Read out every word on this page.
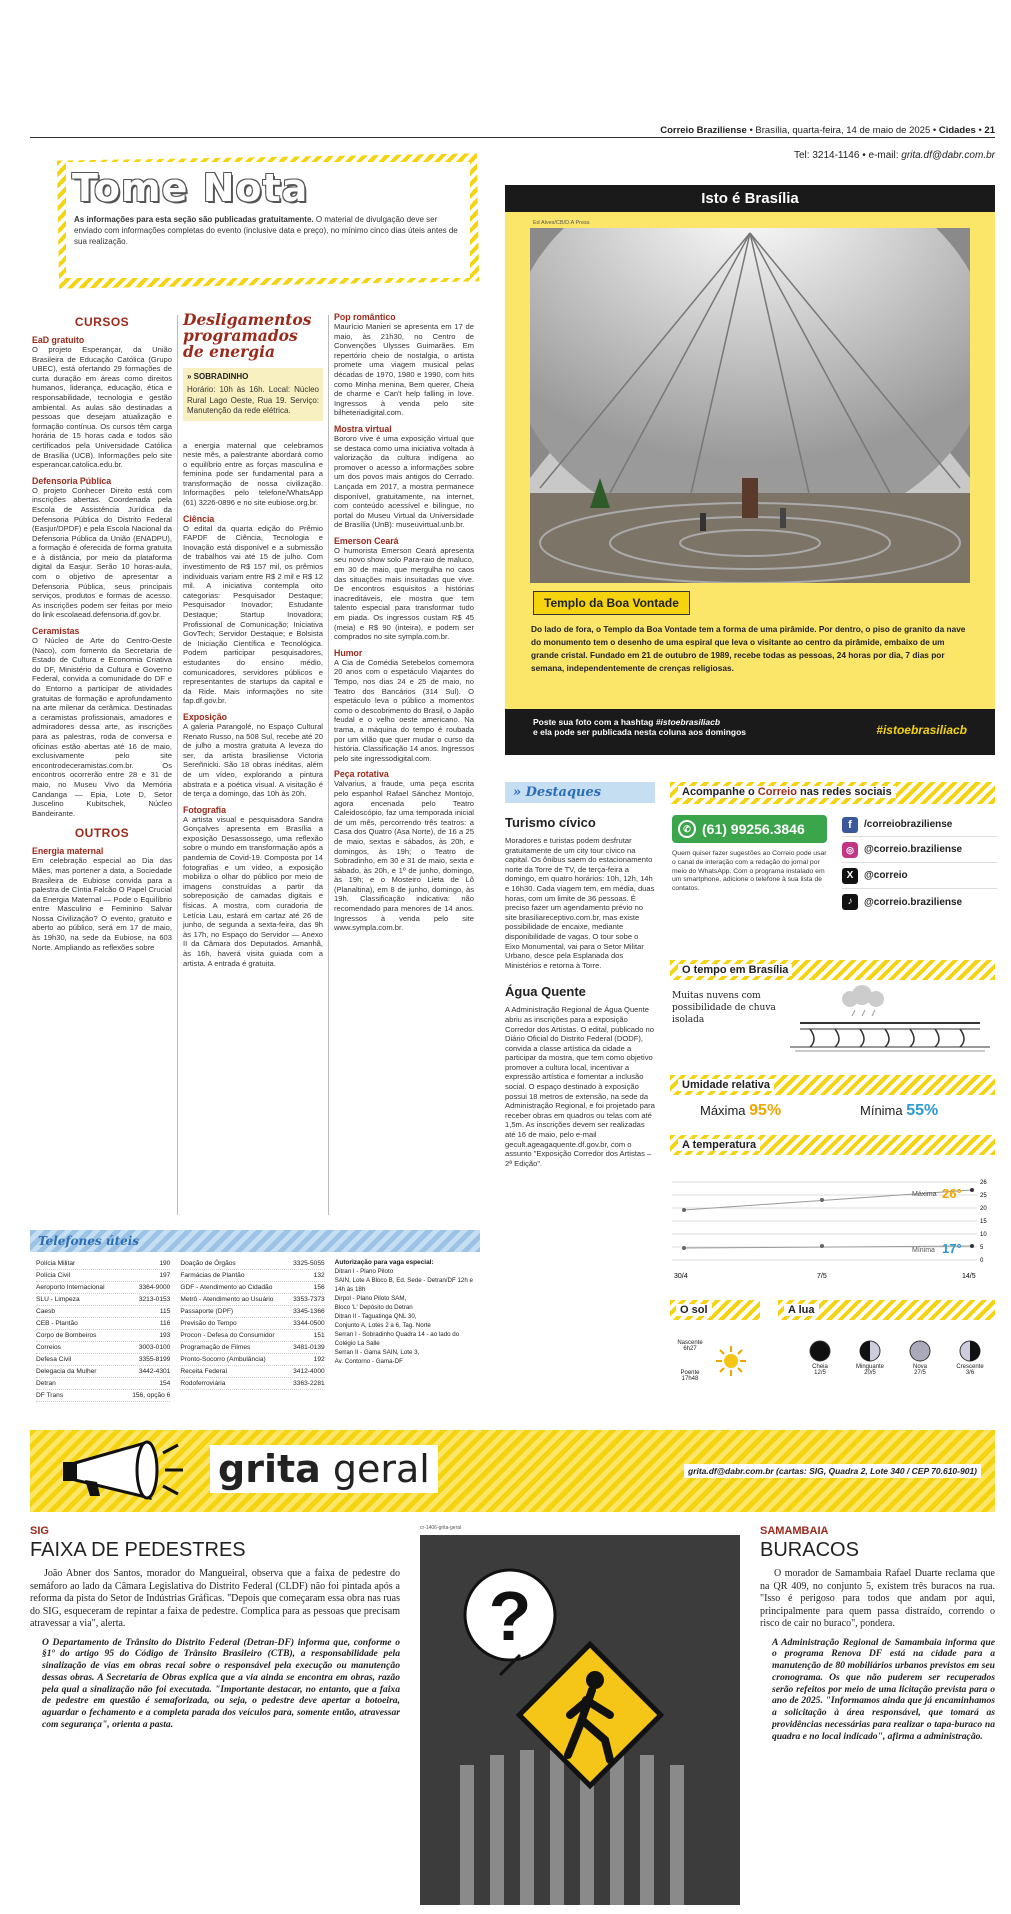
Correio Braziliense • Brasília, quarta-feira, 14 de maio de 2025 • Cidades • 21
Tel: 3214-1146 • e-mail: grita.df@dabr.com.br
Tome Nota
As informações para esta seção são publicadas gratuitamente. O material de divulgação deve ser enviado com informações completas do evento (inclusive data e preço), no mínimo cinco dias úteis antes de sua realização.
CURSOS
EaD gratuito

O projeto Esperançar, da União Brasileira de Educação Católica (Grupo UBEC), está ofertando 29 formações de curta duração em áreas como direitos humanos, liderança, educação, ética e responsabilidade, tecnologia e gestão ambiental. As aulas são destinadas a pessoas que desejam atualização e formação contínua. Os cursos têm carga horária de 15 horas cada e todos são certificados pela Universidade Católica de Brasília (UCB). Informações pelo site esperancar.catolica.edu.br.

Defensoria Pública

O projeto Conhecer Direito está com inscrições abertas. Coordenada pela Escola de Assistência Jurídica da Defensoria Pública do Distrito Federal (Easjur/DPDF) e pela Escola Nacional da Defensoria Pública da União (ENADPU), a formação é oferecida de forma gratuita e à distância, por meio da plataforma digital da Easjur. Serão 10 horas-aula, com o objetivo de apresentar a Defensoria Pública, seus principais serviços, produtos e formas de acesso. As inscrições podem ser feitas por meio do link escolaead.defensoria.df.gov.br.

Ceramistas

O Núcleo de Arte do Centro-Oeste (Naco), com fomento da Secretaria de Estado de Cultura e Economia Criativa do DF, Ministério da Cultura e Governo Federal, convida a comunidade do DF e do Entorno a participar de atividades gratuitas de formação e aprofundamento na arte milenar da cerâmica. Destinadas a ceramistas profissionais, amadores e admiradores dessa arte, as inscrições para as palestras, roda de conversa e oficinas estão abertas até 16 de maio, exclusivamente pelo site encontrodeceramistas.com.br. Os encontros ocorrerão entre 28 e 31 de maio, no Museu Vivo da Memória Candanga — Epia, Lote D, Setor Juscelino Kubitschek, Núcleo Bandeirante.

OUTROS
Energia maternal

Em celebração especial ao Dia das Mães, mas portener a data, a Sociedade Brasileira de Eubiose convida para a palestra de Cíntia Falcão O Papel Crucial da Energia Maternal — Pode o Equilíbrio entre Masculino e Feminino Salvar Nossa Civilização? O evento, gratuito e aberto ao público, será em 17 de maio, às 19h30, na sede da Eubiose, na 603 Norte. Ampliando as reflexões sobre

Desligamentos programados de energia
» SOBRADINHO

Horário: 10h às 16h. Local: Núcleo Rural Lago Oeste, Rua 19. Serviço: Manutenção da rede elétrica.

a energia maternal que celebramos neste mês, a palestrante abordará como o equilíbrio entre as forças masculina e feminina pode ser fundamental para a transformação de nossa civilização. Informações pelo telefone/WhatsApp (61) 3226-0896 e no site eubiose.org.br.

Ciência

O edital da quarta edição do Prêmio FAPDF de Ciência, Tecnologia e Inovação está disponível e a submissão de trabalhos vai até 15 de julho. Com investimento de R$ 157 mil, os prêmios individuais variam entre R$ 2 mil e R$ 12 mil. A iniciativa contempla oito categorias: Pesquisador Destaque; Pesquisador Inovador; Estudante Destaque; Startup Inovadora; Profissional de Comunicação; Iniciativa GovTech; Servidor Destaque; e Bolsista de Iniciação Científica e Tecnológica. Podem participar pesquisadores, estudantes do ensino médio, comunicadores, servidores públicos e representantes de startups da capital e da Ride. Mais informações no site fap.df.gov.br.

Exposição

A galeria Parangolé, no Espaço Cultural Renato Russo, na 508 Sul, recebe até 20 de julho a mostra gratuita A leveza do ser, da artista brasiliense Victoria Sereñnicki. São 18 obras inéditas, além de um vídeo, explorando a pintura abstrata e a poética visual. A visitação é de terça a domingo, das 10h às 20h.

Fotografia

A artista visual e pesquisadora Sandra Gonçalves apresenta em Brasília a exposição Desassossego, uma reflexão sobre o mundo em transformação após a pandemia de Covid-19. Composta por 14 fotografias e um vídeo, a exposição mobiliza o olhar do público por meio de imagens construídas a partir da sobreposição de camadas digitais e físicas. A mostra, com curadoria de Letícia Lau, estará em cartaz até 26 de junho, de segunda a sexta-feira, das 9h às 17h, no Espaço do Servidor — Anexo II da Câmara dos Deputados. Amanhã, às 16h, haverá visita guiada com a artista. A entrada é gratuita.

Pop romântico

Maurício Manieri se apresenta em 17 de maio, às 21h30, no Centro de Convenções Ulysses Guimarães. Em repertório cheio de nostalgia, o artista promete uma viagem musical pelas décadas de 1970, 1980 e 1990, com hits como Minha menina, Bem querer, Cheia de charme e Can't help falling in love. Ingressos à venda pelo site bilheteriadigital.com.

Mostra virtual

Bororo vive é uma exposição virtual que se destaca como uma iniciativa voltada à valorização da cultura indígena ao promover o acesso a informações sobre um dos povos mais antigos do Cerrado. Lançada em 2017, a mostra permanece disponível, gratuitamente, na internet, com conteúdo acessível e bilíngue, no portal do Museu Virtual da Universidade de Brasília (UnB): museuvirtual.unb.br.

Emerson Ceará

O humorista Emerson Ceará apresenta seu novo show solo Para-raio de maluco, em 30 de maio, que mergulha no caos das situações mais insuitadas que vive. De encontros esquisitos a histórias inacreditáveis, ele mostra que tem talento especial para transformar tudo em piada. Os ingressos custam R$ 45 (meia) e R$ 90 (inteira), e podem ser comprados no site sympla.com.br.

Humor

A Cia de Comédia Setebelos comemora 20 anos com o espetáculo Viajantes do Tempo, nos dias 24 e 25 de maio, no Teatro dos Bancários (314 Sul). O espetáculo leva o público a momentos como o descobrimento do Brasil, o Japão feudal e o velho oeste americano. Na trama, a máquina do tempo é roubada por um vilão que quer mudar o curso da história. Classificação 14 anos. Ingressos pelo site ingressodigital.com.

Peça rotativa

Valvarius, a fraude, uma peça escrita pelo espanhol Rafael Sánchez Montojo, agora encenada pelo Teatro Caleidoscópio, faz uma temporada inicial de um mês, percorrendo três teatros: a Casa dos Quatro (Asa Norte), de 16 a 25 de maio, sextas e sábados, às 20h, e domingos, às 19h; o Teatro de Sobradinho, em 30 e 31 de maio, sexta e sábado, às 20h, e 1º de junho, domingo, às 19h; e o Mosteiro Lieta de Lô (Planaltina), em 8 de junho, domingo, às 19h. Classificação indicativa: não recomendado para menores de 14 anos. Ingressos à venda pelo site www.sympla.com.br.

Telefones úteis
Polícia Militar	190
Polícia Civil	197
Aeroporto Internacional	3364-9000
SLU - Limpeza	3213-0153
Caesb	115
CEB - Plantão	116
Corpo de Bombeiros	193
Correios	3003-0100
Defesa Civil	3355-8199
Delegacia da Mulher	3442-4301
Detran	154
DF Trans	156, opção 6
Doação de Órgãos	3325-5055
Farmácias de Plantão	132
GDF - Atendimento ao Cidadão	156
Metrô - Atendimento ao Usuário	3353-7373
Passaporte (DPF)	3345-1366
Previsão do Tempo	3344-0500
Procon - Defesa do Consumidor	151
Programação de Filmes	3481-0139
Pronto-Socorro (Ambulância)	192
Receita Federal	3412-4000
Rodoferroviária	3363-2281
Autorização para vaga especial:
Ditran I - Plano Piloto
SAIN, Lote A Bloco B, Ed. Sede - Detran/DF 12h e 14h às 18h
Dirpol - Plano Piloto SAM,
Bloco 'L' Depósito do Detran
Ditran II - Taguatinga QNL 30,
Conjunto A, Lotes 2 a 6, Tag. Norte
Serran I - Sobradinho Quadra 14 - ao lado do Colégio La Salle
Serran II - Gama SAIN, Lote 3,
Av. Contorno - Gama-DF
Isto é Brasília
Ed Alves/CB/D.A Press
Templo da Boa Vontade

Do lado de fora, o Templo da Boa Vontade tem a forma de uma pirâmide. Por dentro, o piso de granito da nave do monumento tem o desenho de uma espiral que leva o visitante ao centro da pirâmide, embaixo de um grande cristal. Fundado em 21 de outubro de 1989, recebe todas as pessoas, 24 horas por dia, 7 dias por semana, independentemente de crenças religiosas.

Poste sua foto com a hashtag #istoebrasiliacb
e ela pode ser publicada nesta coluna aos domingos	#istoebrasiliacb
» Destaques
Turismo cívico

Moradores e turistas podem desfrutar gratuitamente de um city tour cívico na capital. Os ônibus saem do estacionamento norte da Torre de TV, de terça-feira a domingo, em quatro horários: 10h, 12h, 14h e 16h30. Cada viagem tem, em média, duas horas, com um limite de 36 pessoas. É preciso fazer um agendamento prévio no site brasiliareceptivo.com.br, mas existe possibilidade de encaixe, mediante disponibilidade de vagas. O tour sobe o Eixo Monumental, vai para o Setor Militar Urbano, desce pela Esplanada dos Ministérios e retorna à Torre.

Água Quente

A Administração Regional de Água Quente abriu as inscrições para a exposição Corredor dos Artistas. O edital, publicado no Diário Oficial do Distrito Federal (DODF), convida a classe artística da cidade a participar da mostra, que tem como objetivo promover a cultura local, incentivar a expressão artística e fomentar a inclusão social. O espaço destinado à exposição possui 18 metros de extensão, na sede da Administração Regional, e foi projetado para receber obras em quadros ou telas com até 1,5m. As inscrições devem ser realizadas até 16 de maio, pelo e-mail gecult.ageagaquente.df.gov.br, com o assunto "Exposição Corredor dos Artistas – 2ª Edição".

Acompanhe o Correio nas redes sociais
✆ (61) 99256.3846

Quem quiser fazer sugestões ao Correio pode usar o canal de interação com a redação do jornal por meio do WhatsApp. Com o programa instalado em um smartphone, adicione o telefone à sua lista de contatos.

f	/correiobraziliense
◎	@correio.braziliense
X	@correio
♪	@correio.braziliense
O tempo em Brasília
Muitas nuvens com possibilidade de chuva isolada
Umidade relativa
Máxima 95%	Mínima 55%
A temperatura
26
25
20
15
10
5
0
Máxima 26°
Mínima 17°
30/4	7/5	14/5
O sol
Nascente
6h27
Poente
17h48
A lua
Cheia
12/5
Minguante
20/5
Nova
27/5
Crescente
3/6
grita geral	grita.df@dabr.com.br (cartas: SIG, Quadra 2, Lote 340 / CEP 70.610-901)
SIG
FAIXA DE PEDESTRES

João Abner dos Santos, morador do Mangueiral, observa que a faixa de pedestre do semáforo ao lado da Câmara Legislativa do Distrito Federal (CLDF) não foi pintada após a reforma da pista do Setor de Indústrias Gráficas. "Depois que começaram essa obra nas ruas do SIG, esqueceram de repintar a faixa de pedestre. Complica para as pessoas que precisam atravessar a via", alerta.

O Departamento de Trânsito do Distrito Federal (Detran-DF) informa que, conforme o §1º do artigo 95 do Código de Trânsito Brasileiro (CTB), a responsabilidade pela sinalização de vias em obras recai sobre o responsável pela execução ou manutenção dessas obras. A Secretaria de Obras explica que a via ainda se encontra em obras, razão pela qual a sinalização não foi executada. "Importante destacar, no entanto, que a faixa de pedestre em questão é semaforizada, ou seja, o pedestre deve apertar a botoeira, aguardar o fechamento e a completa parada dos veículos para, somente então, atravessar com segurança", orienta a pasta.

cr-1406-grita-geral
?
SAMAMBAIA
BURACOS

O morador de Samambaia Rafael Duarte reclama que na QR 409, no conjunto 5, existem três buracos na rua. "Isso é perigoso para todos que andam por aqui, principalmente para quem passa distraído, correndo o risco de cair no buraco", pondera.

A Administração Regional de Samambaia informa que o programa Renova DF está na cidade para a manutenção de 80 mobiliários urbanos previstos em seu cronograma. Os que não puderem ser recuperados serão refeitos por meio de uma licitação prevista para o ano de 2025. "Informamos ainda que já encaminhamos a solicitação à área responsável, que tomará as providências necessárias para realizar o tapa-buraco na quadra e no local indicado", afirma a administração.
